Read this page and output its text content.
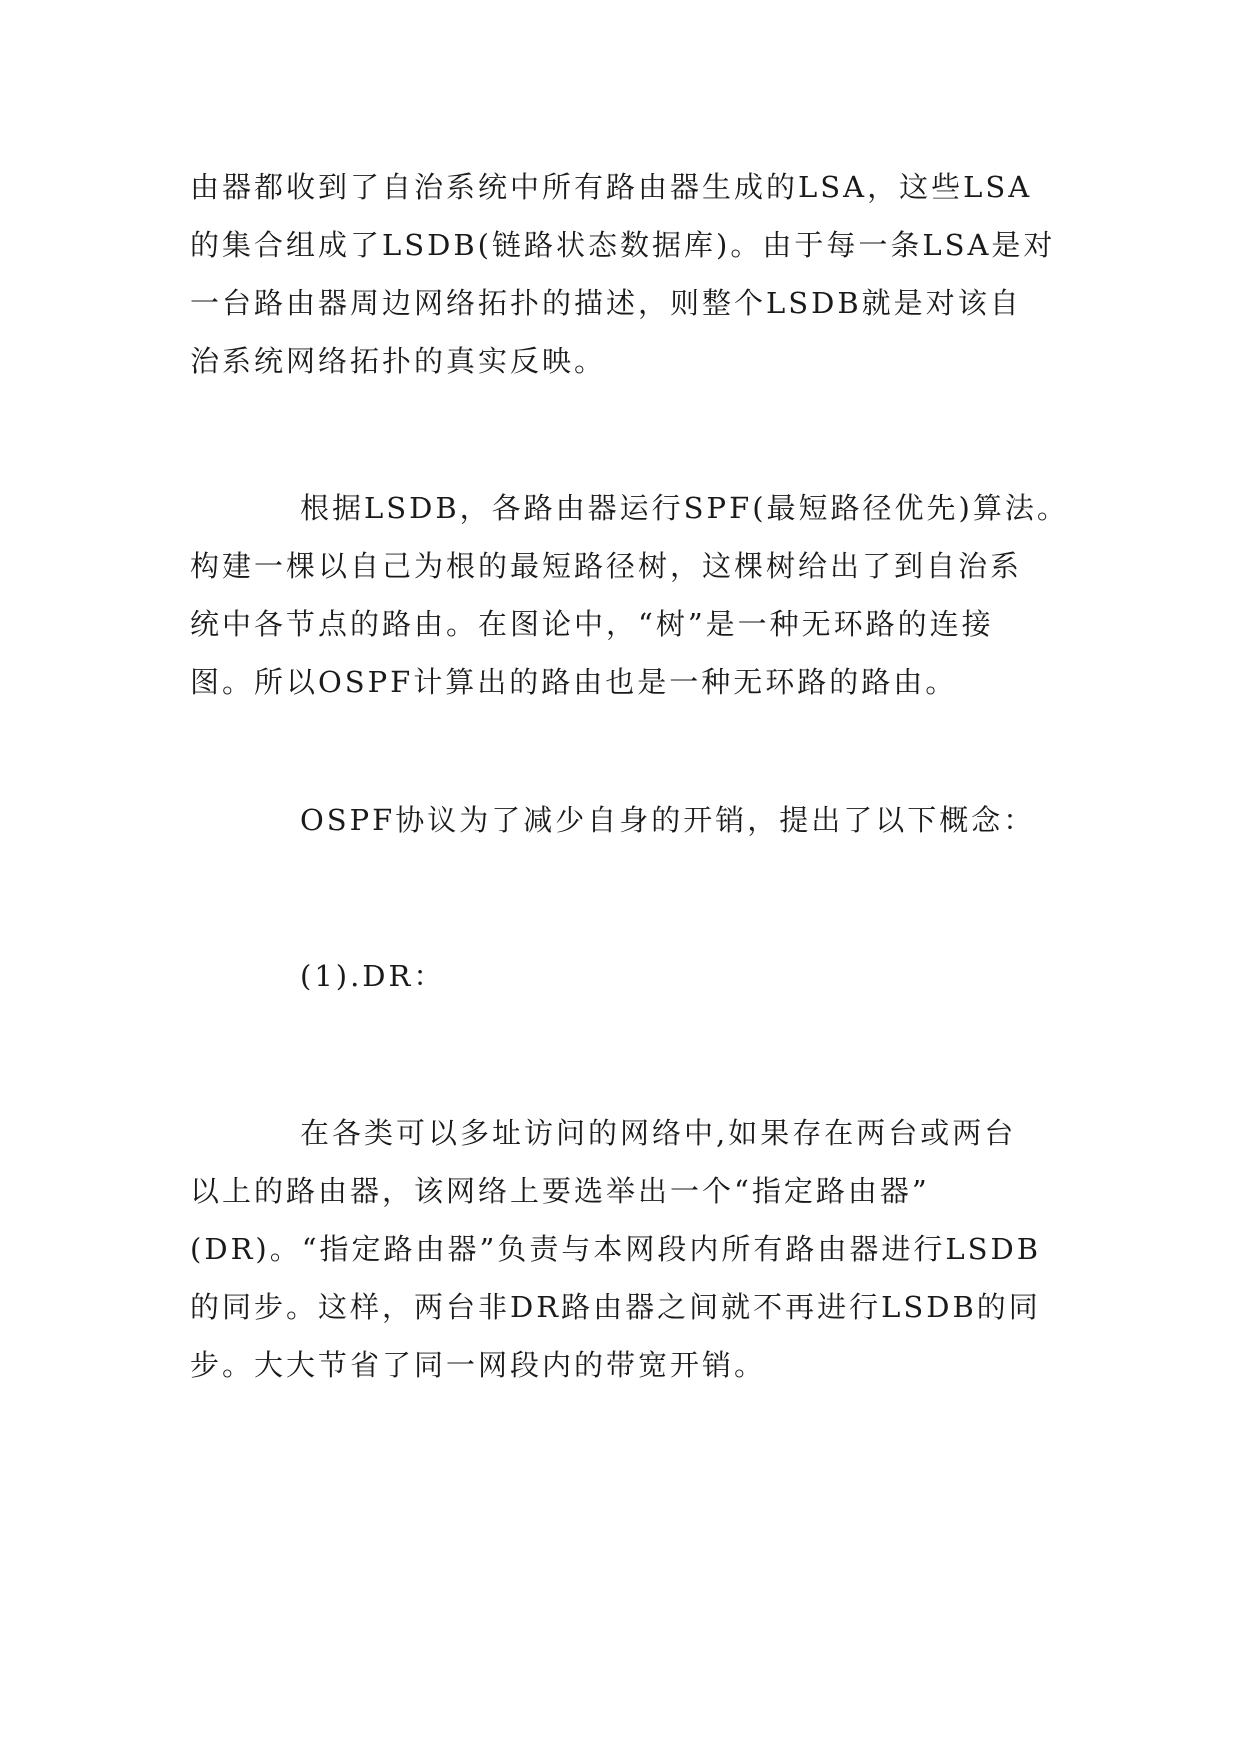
由器都收到了自治系统中所有路由器生成的LSA，这些LSA
的集合组成了LSDB(链路状态数据库)。由于每一条LSA是对
一台路由器周边网络拓扑的描述，则整个LSDB就是对该自
治系统网络拓扑的真实反映。
根据LSDB，各路由器运行SPF(最短路径优先)算法。
构建一棵以自己为根的最短路径树，这棵树给出了到自治系
统中各节点的路由。在图论中，“树”是一种无环路的连接
图。所以OSPF计算出的路由也是一种无环路的路由。
OSPF协议为了减少自身的开销，提出了以下概念：
(1).DR：
在各类可以多址访问的网络中,如果存在两台或两台
以上的路由器，该网络上要选举出一个“指定路由器”
(DR)。“指定路由器”负责与本网段内所有路由器进行LSDB
的同步。这样，两台非DR路由器之间就不再进行LSDB的同
步。大大节省了同一网段内的带宽开销。
